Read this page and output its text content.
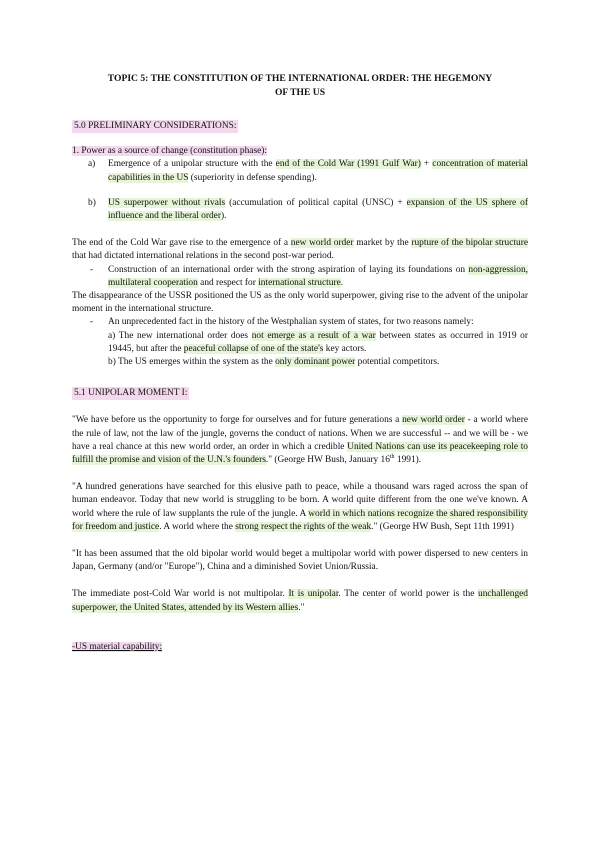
TOPIC 5: THE CONSTITUTION OF THE INTERNATIONAL ORDER: THE HEGEMONY
OF THE US
5.0 PRELIMINARY CONSIDERATIONS:

1. Power as a source of change (constitution phase):

a) Emergence of a unipolar structure with the end of the Cold War (1991 Gulf War) + concentration of material capabilities in the US (superiority in defense spending).
b) US superpower without rivals (accumulation of political capital (UNSC) + expansion of the US sphere of influence and the liberal order).

The end of the Cold War gave rise to the emergence of a new world order market by the rupture of the bipolar structure that had dictated international relations in the second post-war period.

- Construction of an international order with the strong aspiration of laying its foundations on non-aggression, multilateral cooperation and respect for international structure.

The disappearance of the USSR positioned the US as the only world superpower, giving rise to the advent of the unipolar moment in the international structure.

- An unprecedented fact in the history of the Westphalian system of states, for two reasons namely:
a) The new international order does not emerge as a result of a war between states as occurred in 1919 or 19445, but after the peaceful collapse of one of the state's key actors.
b) The US emerges within the system as the only dominant power potential competitors.
5.1 UNIPOLAR MOMENT I:

"We have before us the opportunity to forge for ourselves and for future generations a new world order - a world where the rule of law, not the law of the jungle, governs the conduct of nations. When we are successful -- and we will be - we have a real chance at this new world order, an order in which a credible United Nations can use its peacekeeping role to fulfill the promise and vision of the U.N.'s founders." (George HW Bush, January 16th 1991).

"A hundred generations have searched for this elusive path to peace, while a thousand wars raged across the span of human endeavor. Today that new world is struggling to be born. A world quite different from the one we've known. A world where the rule of law supplants the rule of the jungle. A world in which nations recognize the shared responsibility for freedom and justice. A world where the strong respect the rights of the weak." (George HW Bush, Sept 11th 1991)

"It has been assumed that the old bipolar world would beget a multipolar world with power dispersed to new centers in Japan, Germany (and/or "Europe"), China and a diminished Soviet Union/Russia.

The immediate post-Cold War world is not multipolar. It is unipolar. The center of world power is the unchallenged superpower, the United States, attended by its Western allies."

-US material capability:
